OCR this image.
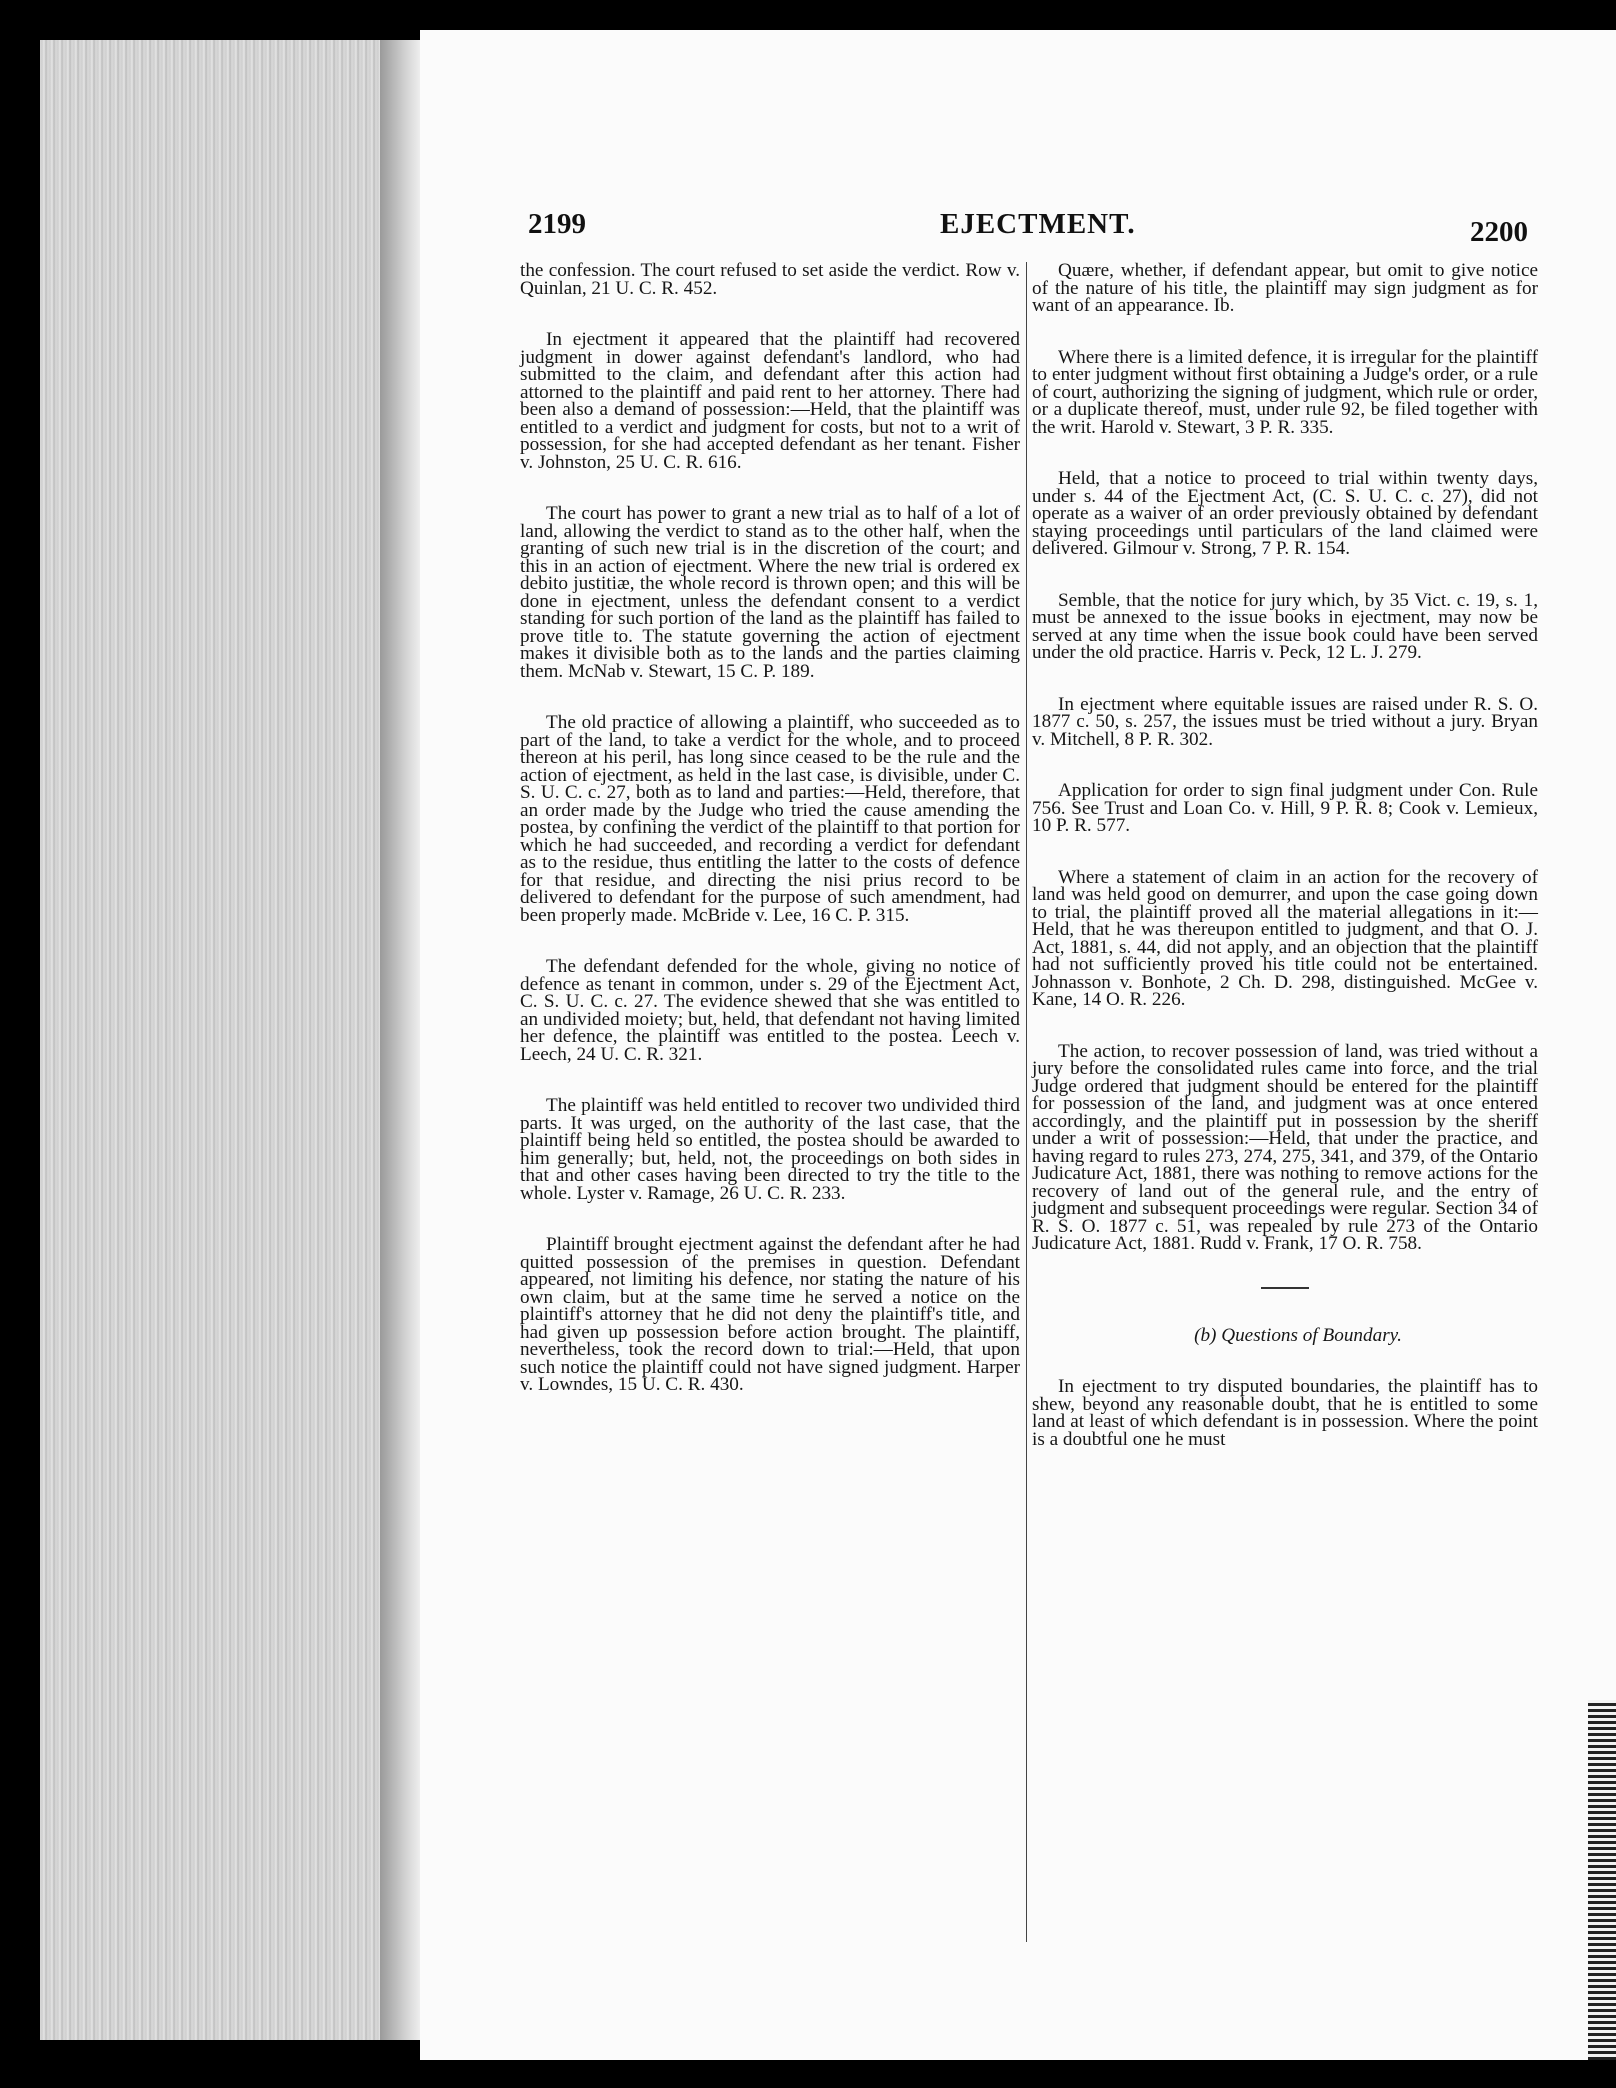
2199	EJECTMENT.	2200

the confession. The court refused to set aside the verdict. Row v. Quinlan, 21 U. C. R. 452.

In ejectment it appeared that the plaintiff had recovered judgment in dower against defendant's landlord, who had submitted to the claim, and defendant after this action had attorned to the plaintiff and paid rent to her attorney. There had been also a demand of possession:—Held, that the plaintiff was entitled to a verdict and judgment for costs, but not to a writ of possession, for she had accepted defendant as her tenant. Fisher v. Johnston, 25 U. C. R. 616.

The court has power to grant a new trial as to half of a lot of land, allowing the verdict to stand as to the other half, when the granting of such new trial is in the discretion of the court; and this in an action of ejectment. Where the new trial is ordered ex debito justitiæ, the whole record is thrown open; and this will be done in ejectment, unless the defendant consent to a verdict standing for such portion of the land as the plaintiff has failed to prove title to. The statute governing the action of ejectment makes it divisible both as to the lands and the parties claiming them. McNab v. Stewart, 15 C. P. 189.

The old practice of allowing a plaintiff, who succeeded as to part of the land, to take a verdict for the whole, and to proceed thereon at his peril, has long since ceased to be the rule and the action of ejectment, as held in the last case, is divisible, under C. S. U. C. c. 27, both as to land and parties:—Held, therefore, that an order made by the Judge who tried the cause amending the postea, by confining the verdict of the plaintiff to that portion for which he had succeeded, and recording a verdict for defendant as to the residue, thus entitling the latter to the costs of defence for that residue, and directing the nisi prius record to be delivered to defendant for the purpose of such amendment, had been properly made. McBride v. Lee, 16 C. P. 315.

The defendant defended for the whole, giving no notice of defence as tenant in common, under s. 29 of the Ejectment Act, C. S. U. C. c. 27. The evidence shewed that she was entitled to an undivided moiety; but, held, that defendant not having limited her defence, the plaintiff was entitled to the postea. Leech v. Leech, 24 U. C. R. 321.

The plaintiff was held entitled to recover two undivided third parts. It was urged, on the authority of the last case, that the plaintiff being held so entitled, the postea should be awarded to him generally; but, held, not, the proceedings on both sides in that and other cases having been directed to try the title to the whole. Lyster v. Ramage, 26 U. C. R. 233.

Plaintiff brought ejectment against the defendant after he had quitted possession of the premises in question. Defendant appeared, not limiting his defence, nor stating the nature of his own claim, but at the same time he served a notice on the plaintiff's attorney that he did not deny the plaintiff's title, and had given up possession before action brought. The plaintiff, nevertheless, took the record down to trial:—Held, that upon such notice the plaintiff could not have signed judgment. Harper v. Lowndes, 15 U. C. R. 430.

Quære, whether, if defendant appear, but omit to give notice of the nature of his title, the plaintiff may sign judgment as for want of an appearance. Ib.

Where there is a limited defence, it is irregular for the plaintiff to enter judgment without first obtaining a Judge's order, or a rule of court, authorizing the signing of judgment, which rule or order, or a duplicate thereof, must, under rule 92, be filed together with the writ. Harold v. Stewart, 3 P. R. 335.

Held, that a notice to proceed to trial within twenty days, under s. 44 of the Ejectment Act, (C. S. U. C. c. 27), did not operate as a waiver of an order previously obtained by defendant staying proceedings until particulars of the land claimed were delivered. Gilmour v. Strong, 7 P. R. 154.

Semble, that the notice for jury which, by 35 Vict. c. 19, s. 1, must be annexed to the issue books in ejectment, may now be served at any time when the issue book could have been served under the old practice. Harris v. Peck, 12 L. J. 279.

In ejectment where equitable issues are raised under R. S. O. 1877 c. 50, s. 257, the issues must be tried without a jury. Bryan v. Mitchell, 8 P. R. 302.

Application for order to sign final judgment under Con. Rule 756. See Trust and Loan Co. v. Hill, 9 P. R. 8; Cook v. Lemieux, 10 P. R. 577.

Where a statement of claim in an action for the recovery of land was held good on demurrer, and upon the case going down to trial, the plaintiff proved all the material allegations in it:—Held, that he was thereupon entitled to judgment, and that O. J. Act, 1881, s. 44, did not apply, and an objection that the plaintiff had not sufficiently proved his title could not be entertained. Johnasson v. Bonhote, 2 Ch. D. 298, distinguished. McGee v. Kane, 14 O. R. 226.

The action, to recover possession of land, was tried without a jury before the consolidated rules came into force, and the trial Judge ordered that judgment should be entered for the plaintiff for possession of the land, and judgment was at once entered accordingly, and the plaintiff put in possession by the sheriff under a writ of possession:—Held, that under the practice, and having regard to rules 273, 274, 275, 341, and 379, of the Ontario Judicature Act, 1881, there was nothing to remove actions for the recovery of land out of the general rule, and the entry of judgment and subsequent proceedings were regular. Section 34 of R. S. O. 1877 c. 51, was repealed by rule 273 of the Ontario Judicature Act, 1881. Rudd v. Frank, 17 O. R. 758.

(b) Questions of Boundary.

In ejectment to try disputed boundaries, the plaintiff has to shew, beyond any reasonable doubt, that he is entitled to some land at least of which defendant is in possession. Where the point is a doubtful one he must
